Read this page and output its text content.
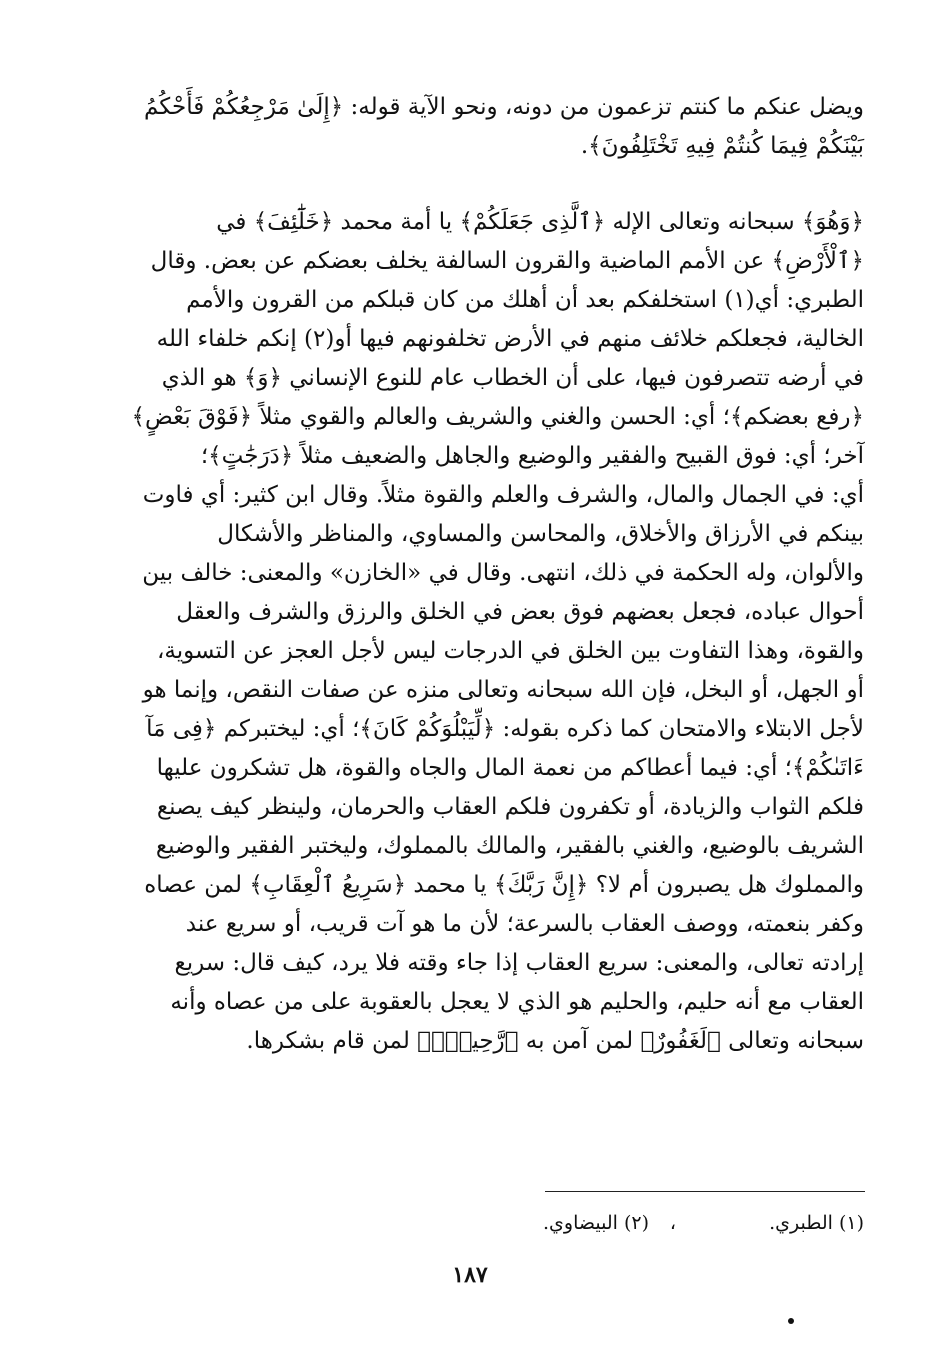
ويضل عنكم ما كنتم تزعمون من دونه، ونحو الآية قوله: ﴿إِلَىٰ مَرْجِعُكُمْ فَأَحْكُمُ
بَيْنَكُمْ فِيمَا كُنتُمْ فِيهِ تَخْتَلِفُونَ﴾.
﴿وَهُوَ﴾ سبحانه وتعالى الإله ﴿ٱلَّذِى جَعَلَكُمْ﴾ يا أمة محمد ﴿خَلَٰٓئِفَ﴾ في
﴿ٱلْأَرْضِ﴾ عن الأمم الماضية والقرون السالفة يخلف بعضكم عن بعض. وقال
الطبري: أي(١) استخلفكم بعد أن أهلك من كان قبلكم من القرون والأمم
الخالية، فجعلكم خلائف منهم في الأرض تخلفونهم فيها أو(٢) إنكم خلفاء الله
في أرضه تتصرفون فيها، على أن الخطاب عام للنوع الإنساني ﴿وَ﴾ هو الذي
﴿رفع بعضكم﴾؛ أي: الحسن والغني والشريف والعالم والقوي مثلاً ﴿فَوْقَ بَعْضٍ﴾
آخر؛ أي: فوق القبيح والفقير والوضيع والجاهل والضعيف مثلاً ﴿دَرَجَٰتٍ﴾؛
أي: في الجمال والمال، والشرف والعلم والقوة مثلاً. وقال ابن كثير: أي فاوت
بينكم في الأرزاق والأخلاق، والمحاسن والمساوي، والمناظر والأشكال
والألوان، وله الحكمة في ذلك، انتهى. وقال في «الخازن» والمعنى: خالف بين
أحوال عباده، فجعل بعضهم فوق بعض في الخلق والرزق والشرف والعقل
والقوة، وهذا التفاوت بين الخلق في الدرجات ليس لأجل العجز عن التسوية،
أو الجهل، أو البخل، فإن الله سبحانه وتعالى منزه عن صفات النقص، وإنما هو
لأجل الابتلاء والامتحان كما ذكره بقوله: ﴿لِّيَبْلُوَكُمْ كَانَ﴾؛ أي: ليختبركم ﴿فِى مَآ
ءَاتَىٰكُمْ﴾؛ أي: فيما أعطاكم من نعمة المال والجاه والقوة، هل تشكرون عليها
فلكم الثواب والزيادة، أو تكفرون فلكم العقاب والحرمان، ولينظر كيف يصنع
الشريف بالوضيع، والغني بالفقير، والمالك بالمملوك، وليختبر الفقير والوضيع
والمملوك هل يصبرون أم لا؟ ﴿إِنَّ رَبَّكَ﴾ يا محمد ﴿سَرِيعُ ٱلْعِقَابِ﴾ لمن عصاه
وكفر بنعمته، ووصف العقاب بالسرعة؛ لأن ما هو آت قريب، أو سريع عند
إرادته تعالى، والمعنى: سريع العقاب إذا جاء وقته فلا يرد، كيف قال: سريع
العقاب مع أنه حليم، والحليم هو الذي لا يعجل بالعقوبة على من عصاه وأنه
سبحانه وتعالى ﴿لَغَفُورٌ﴾ لمن آمن به ﴿رَّحِيمٌۢ﴾ لمن قام بشكرها.
(١) الطبري.
،
(٢) البيضاوي.
١٨٧
